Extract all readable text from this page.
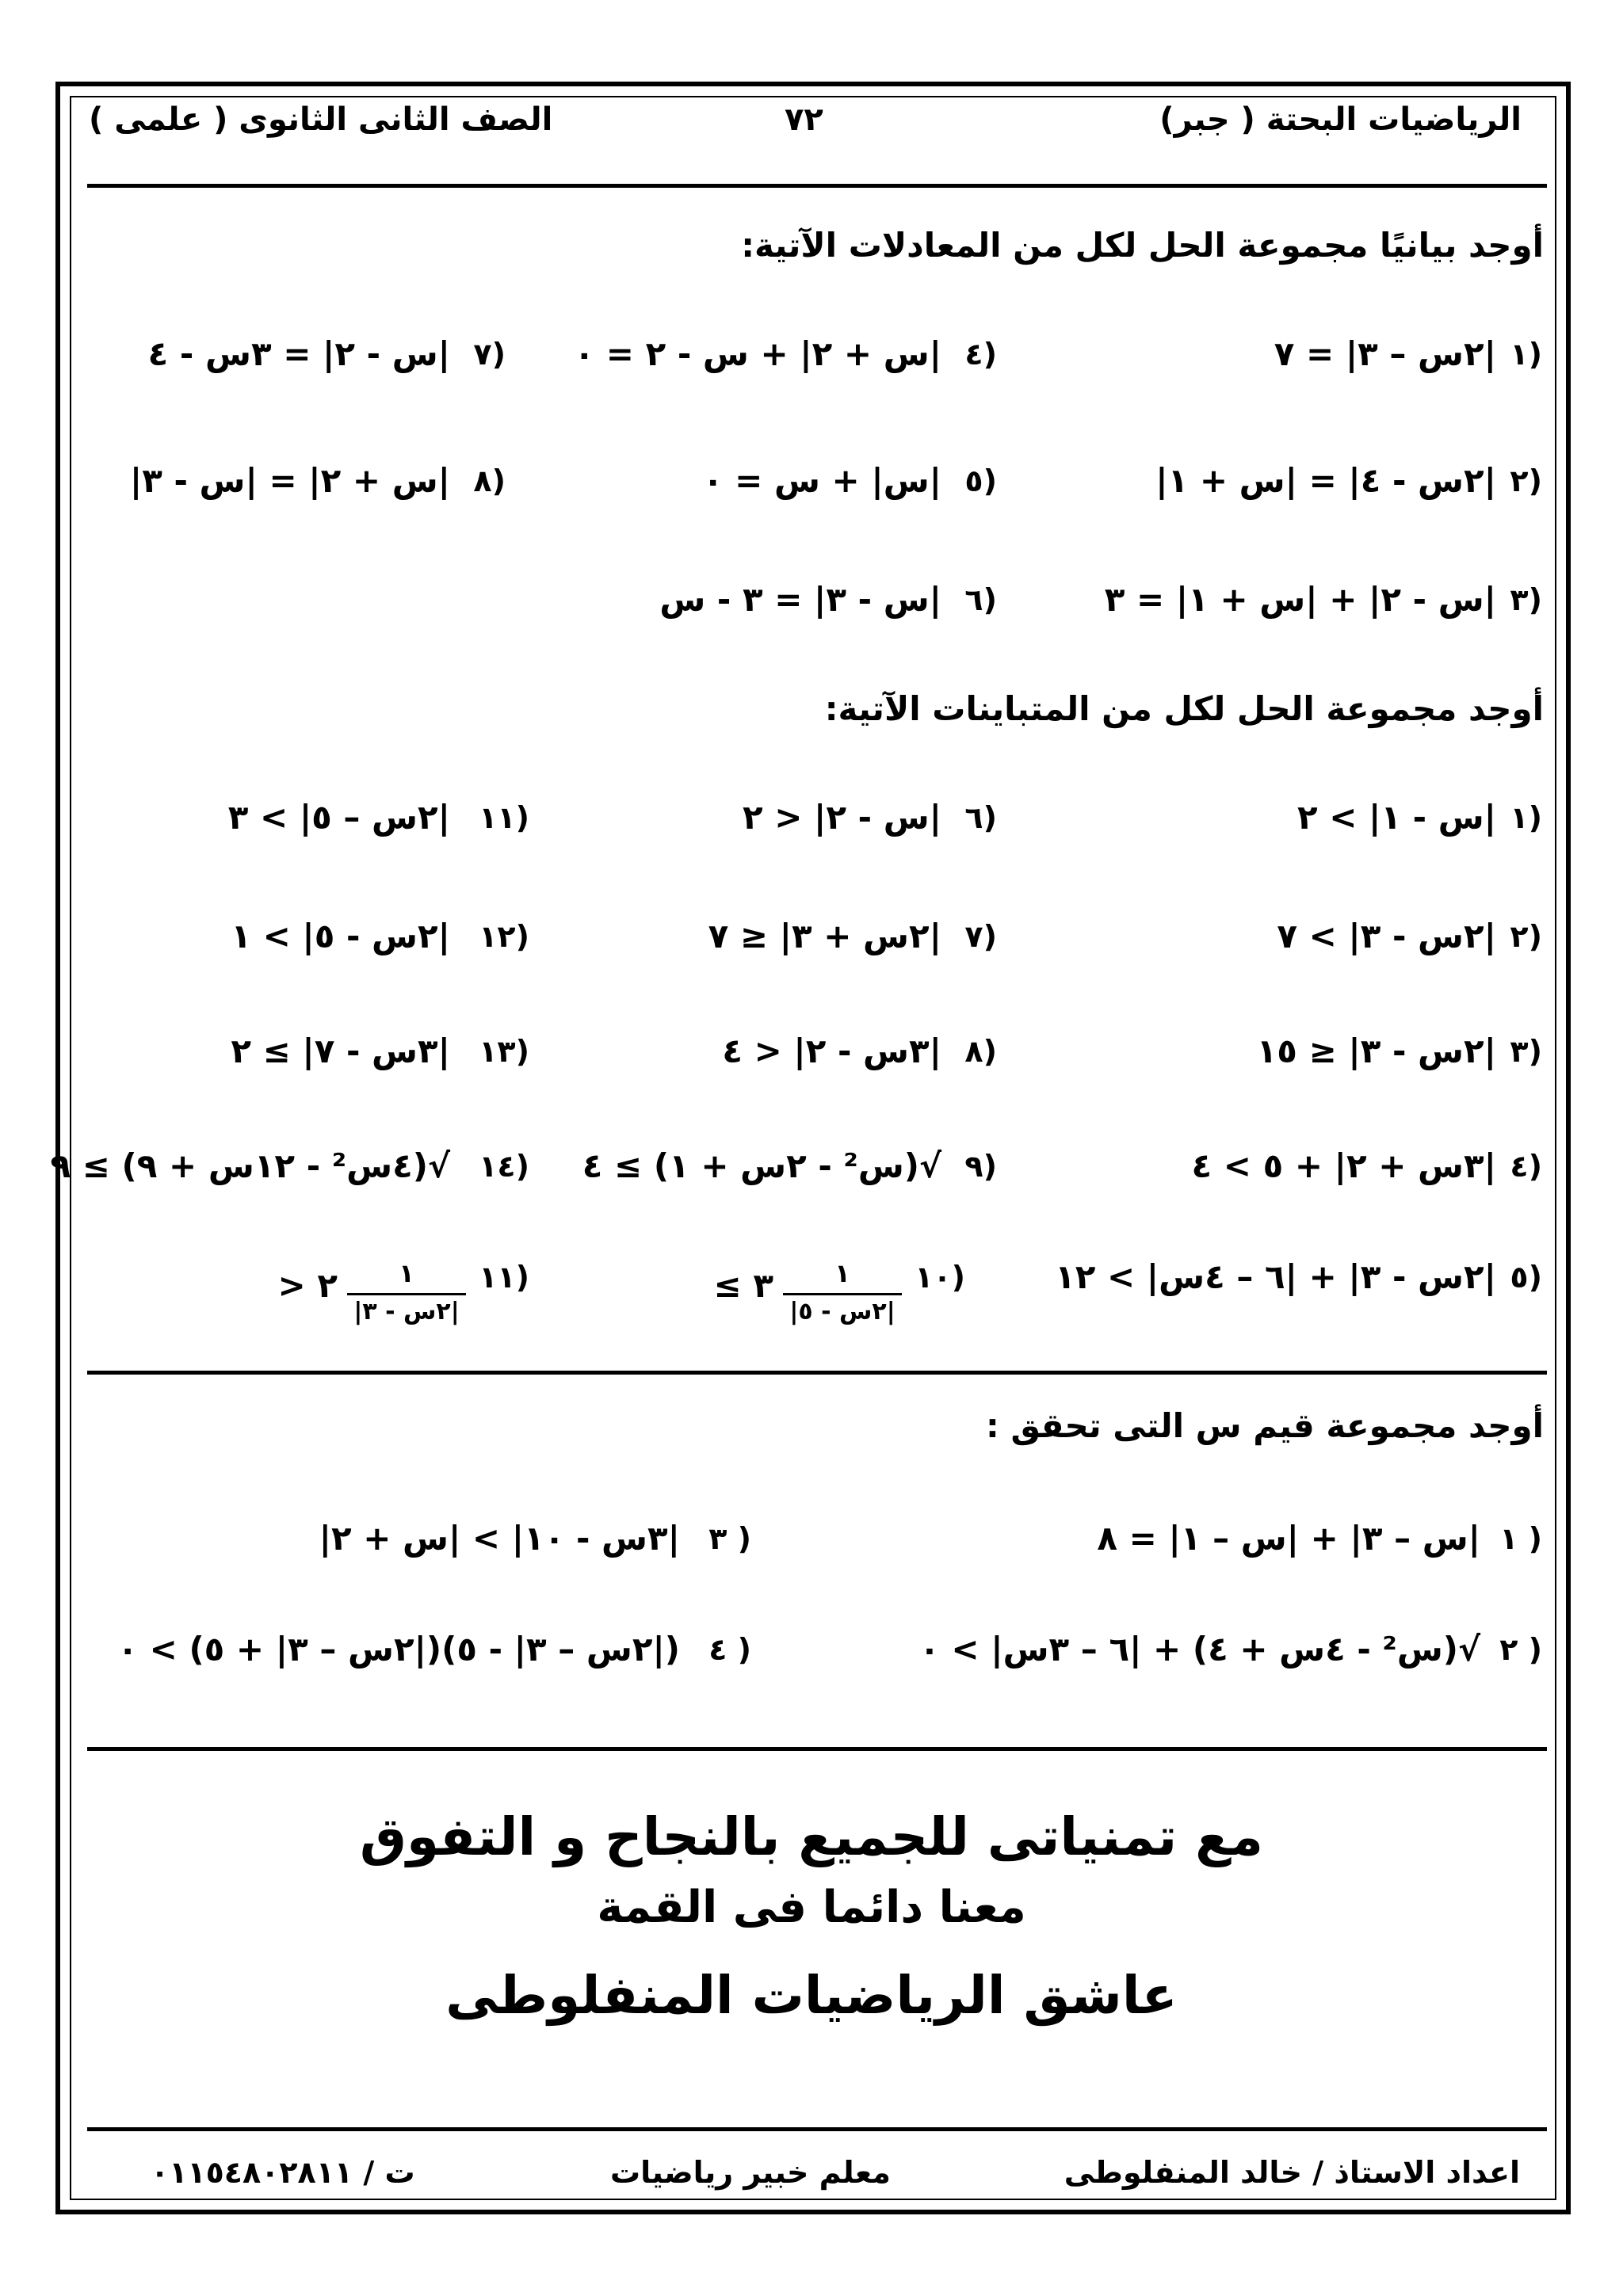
الرياضيات البحتة ( جبر)
٧٢
الصف الثانى الثانوى ( علمى )
أوجد بيانيًا مجموعة الحل لكل من المعادلات الآتية:
١)
|٢س – ٣| = ٧
٤)
|س + ٢| + س - ٢ = ٠
٧)
|س - ٢| = ٣س - ٤
٢)
|٢س - ٤| = |س + ١|
٥)
|س| + س = ٠
٨)
|س + ٢| = |س - ٣|
٣)
|س - ٢| + |س + ١| = ٣
٦)
|س - ٣| = ٣ - س
أوجد مجموعة الحل لكل من المتباينات الآتية:
١)
|س - ١| > ٢
٦)
|س - ٢| < ٢
١١)
|٢س – ٥| > ٣
٢)
|٢س - ٣| > ٧
٧)
|٢س + ٣| ≤ ٧
١٢)
|٢س - ٥| > ١
٣)
|٢س - ٣| ≤ ١٥
٨)
|٣س - ٢| < ٤
١٣)
|٣س - ٧| ≥ ٢
٤)
|٣س + ٢| + ٥ > ٤
٩)
√(س² - ٢س + ١) ≥ ٤
١٤)
√(٤س² - ١٢س + ٩) ≥ ٩
٥)
|٢س - ٣| + |٦ – ٤س| > ١٢
١٠)
١
|٢س - ٥|
≤ ٣
١١)
١
|٢س - ٣|
> ٢
أوجد مجموعة قيم س التى تحقق :
١ )
|س – ٣| + |س – ١| = ٨
٣ )
|٣س - ١٠| > |س + ٢|
٢ )
√(س² - ٤س + ٤) + |٦ – ٣س| > ٠
٤ )
(|٢س – ٣| - ٥)(|٢س – ٣| + ٥) > ٠
مع تمنياتى للجميع بالنجاح و التفوق
معنا دائما فى القمة
عاشق الرياضيات المنفلوطى
اعداد الاستاذ / خالد المنفلوطى
معلم خبير رياضيات
ت / ٠١١٥٤٨٠٢٨١١
